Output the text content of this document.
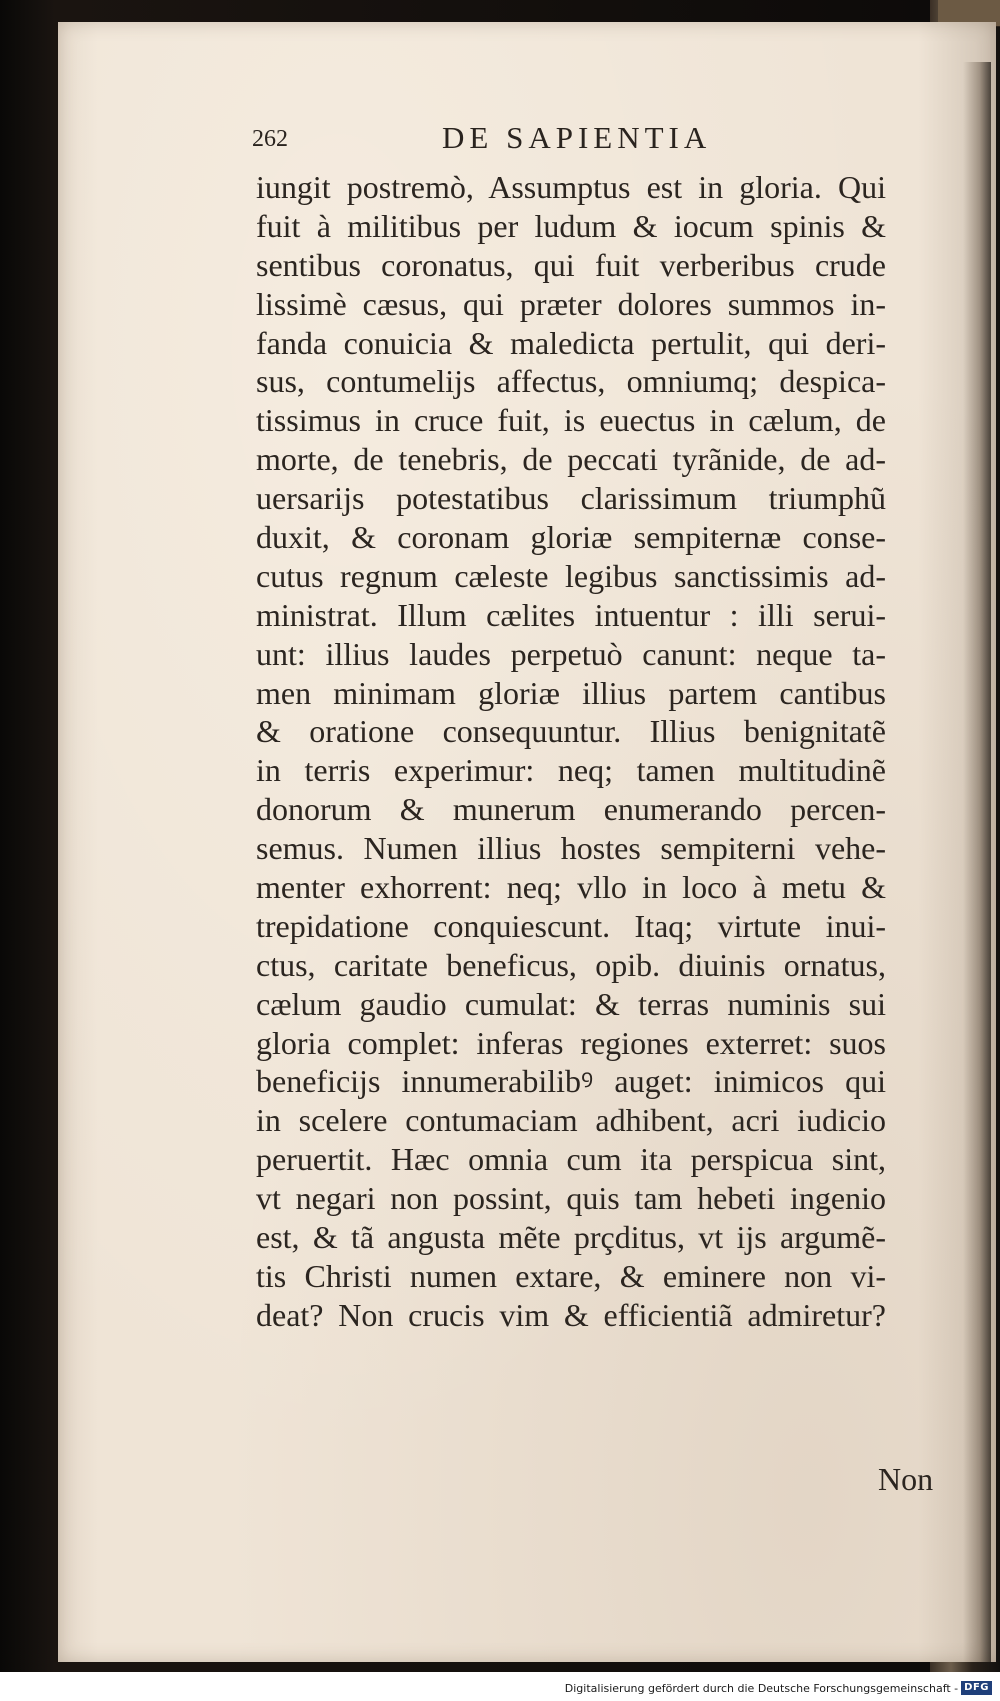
262	DE SAPIENTIA
iungit postremò, Assumptus est in gloria. Qui
fuit à militibus per ludum & iocum spinis &
sentibus coronatus, qui fuit verberibus crude
lissimè cæsus, qui præter dolores summos in-
fanda conuicia & maledicta pertulit, qui deri-
sus, contumelijs affectus, omniumq; despica-
tissimus in cruce fuit, is euectus in cælum, de
morte, de tenebris, de peccati tyrãnide, de ad-
uersarijs potestatibus clarissimum triumphũ
duxit, & coronam gloriæ sempiternæ conse-
cutus regnum cæleste legibus sanctissimis ad-
ministrat. Illum cælites intuentur : illi serui-
unt: illius laudes perpetuò canunt: neque ta-
men minimam gloriæ illius partem cantibus
& oratione consequuntur. Illius benignitatẽ
in terris experimur: neq; tamen multitudinẽ
donorum & munerum enumerando percen-
semus. Numen illius hostes sempiterni vehe-
menter exhorrent: neq; vllo in loco à metu &
trepidatione conquiescunt. Itaq; virtute inui-
ctus, caritate beneficus, opib. diuinis ornatus,
cælum gaudio cumulat: & terras numinis sui
gloria complet: inferas regiones exterret: suos
beneficijs innumerabilibꝰ auget: inimicos qui
in scelere contumaciam adhibent, acri iudicio
peruertit. Hæc omnia cum ita perspicua sint,
vt negari non possint, quis tam hebeti ingenio
est, & tã angusta mẽte prçditus, vt ijs argumẽ-
tis Christi numen extare, & eminere non vi-
deat? Non crucis vim & efficientiã admiretur?
Non
Digitalisierung gefördert durch die Deutsche Forschungsgemeinschaft - DFG
